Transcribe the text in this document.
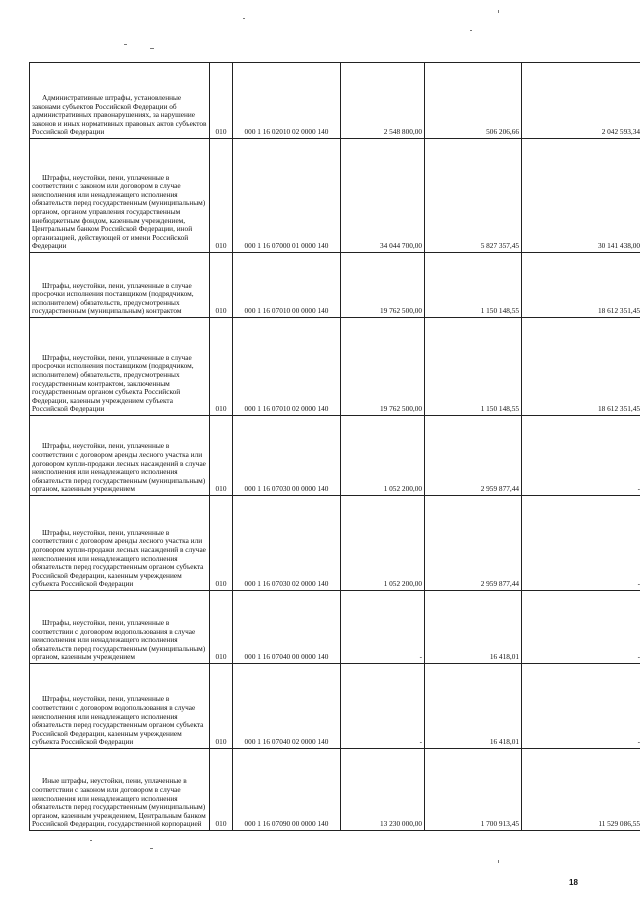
Административные штрафы, установленные законами субъектов Российской Федерации об административных правонарушениях, за нарушение законов и иных нормативных правовых актов субъектов Российской Федерации	010	000 1 16 02010 02 0000 140	2 548 800,00	506 206,66	2 042 593,34
Штрафы, неустойки, пени, уплаченные в соответствии с законом или договором в случае неисполнения или ненадлежащего исполнения обязательств перед государственным (муниципальным) органом, органом управления государственным внебюджетным фондом, казенным учреждением, Центральным банком Российской Федерации, иной организацией, действующей от имени Российской Федерации	010	000 1 16 07000 01 0000 140	34 044 700,00	5 827 357,45	30 141 438,00
Штрафы, неустойки, пени, уплаченные в случае просрочки исполнения поставщиком (подрядчиком, исполнителем) обязательств, предусмотренных государственным (муниципальным) контрактом	010	000 1 16 07010 00 0000 140	19 762 500,00	1 150 148,55	18 612 351,45
Штрафы, неустойки, пени, уплаченные в случае просрочки исполнения поставщиком (подрядчиком, исполнителем) обязательств, предусмотренных государственным контрактом, заключенным государственным органом субъекта Российской Федерации, казенным учреждением субъекта Российской Федерации	010	000 1 16 07010 02 0000 140	19 762 500,00	1 150 148,55	18 612 351,45
Штрафы, неустойки, пени, уплаченные в соответствии с договором аренды лесного участка или договором купли-продажи лесных насаждений в случае неисполнения или ненадлежащего исполнения обязательств перед государственным (муниципальным) органом, казенным учреждением	010	000 1 16 07030 00 0000 140	1 052 200,00	2 959 877,44	-
Штрафы, неустойки, пени, уплаченные в соответствии с договором аренды лесного участка или договором купли-продажи лесных насаждений в случае неисполнения или ненадлежащего исполнения обязательств перед государственным органом субъекта Российской Федерации, казенным учреждением субъекта Российской Федерации	010	000 1 16 07030 02 0000 140	1 052 200,00	2 959 877,44	-
Штрафы, неустойки, пени, уплаченные в соответствии с договором водопользования в случае неисполнения или ненадлежащего исполнения обязательств перед государственным (муниципальным) органом, казенным учреждением	010	000 1 16 07040 00 0000 140	-	16 418,01	-
Штрафы, неустойки, пени, уплаченные в соответствии с договором водопользования в случае неисполнения или ненадлежащего исполнения обязательств перед государственным органом субъекта Российской Федерации, казенным учреждением субъекта Российской Федерации	010	000 1 16 07040 02 0000 140	-	16 418,01	-
Иные штрафы, неустойки, пени, уплаченные в соответствии с законом или договором в случае неисполнения или ненадлежащего исполнения обязательств перед государственным (муниципальным) органом, казенным учреждением, Центральным банком Российской Федерации, государственной корпорацией	010	000 1 16 07090 00 0000 140	13 230 000,00	1 700 913,45	11 529 086,55
18
